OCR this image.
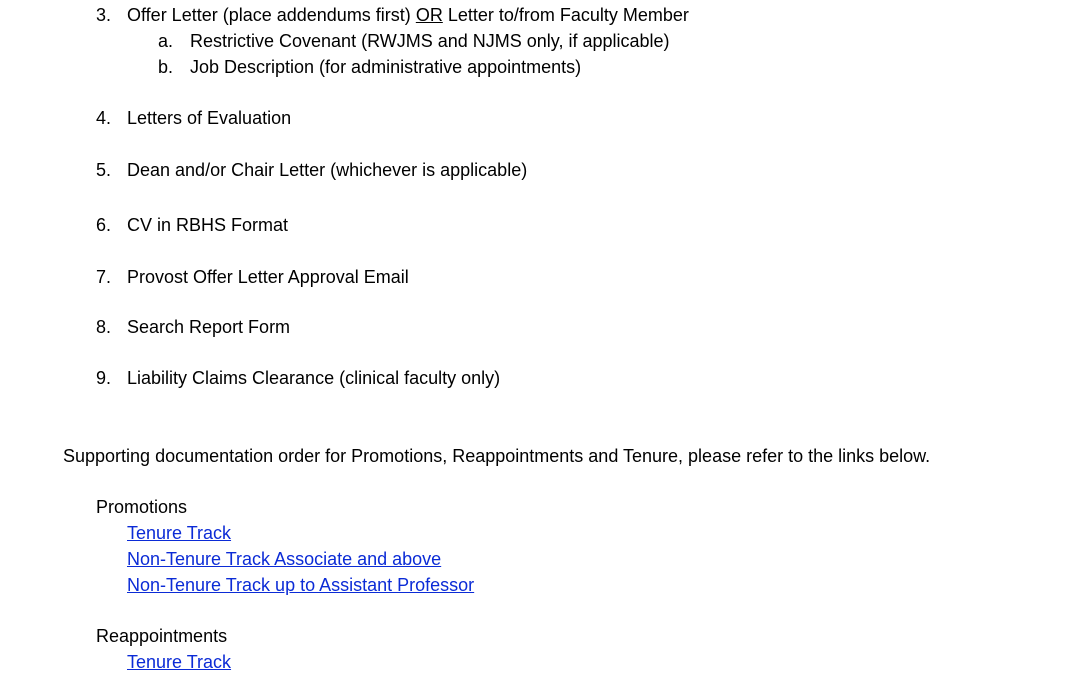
3. Offer Letter (place addendums first) OR Letter to/from Faculty Member
a. Restrictive Covenant (RWJMS and NJMS only, if applicable)
b. Job Description (for administrative appointments)
4. Letters of Evaluation
5. Dean and/or Chair Letter (whichever is applicable)
6. CV in RBHS Format
7. Provost Offer Letter Approval Email
8. Search Report Form
9. Liability Claims Clearance (clinical faculty only)
Supporting documentation order for Promotions, Reappointments and Tenure, please refer to the links below.
Promotions
Tenure Track
Non-Tenure Track Associate and above
Non-Tenure Track up to Assistant Professor
Reappointments
Tenure Track
